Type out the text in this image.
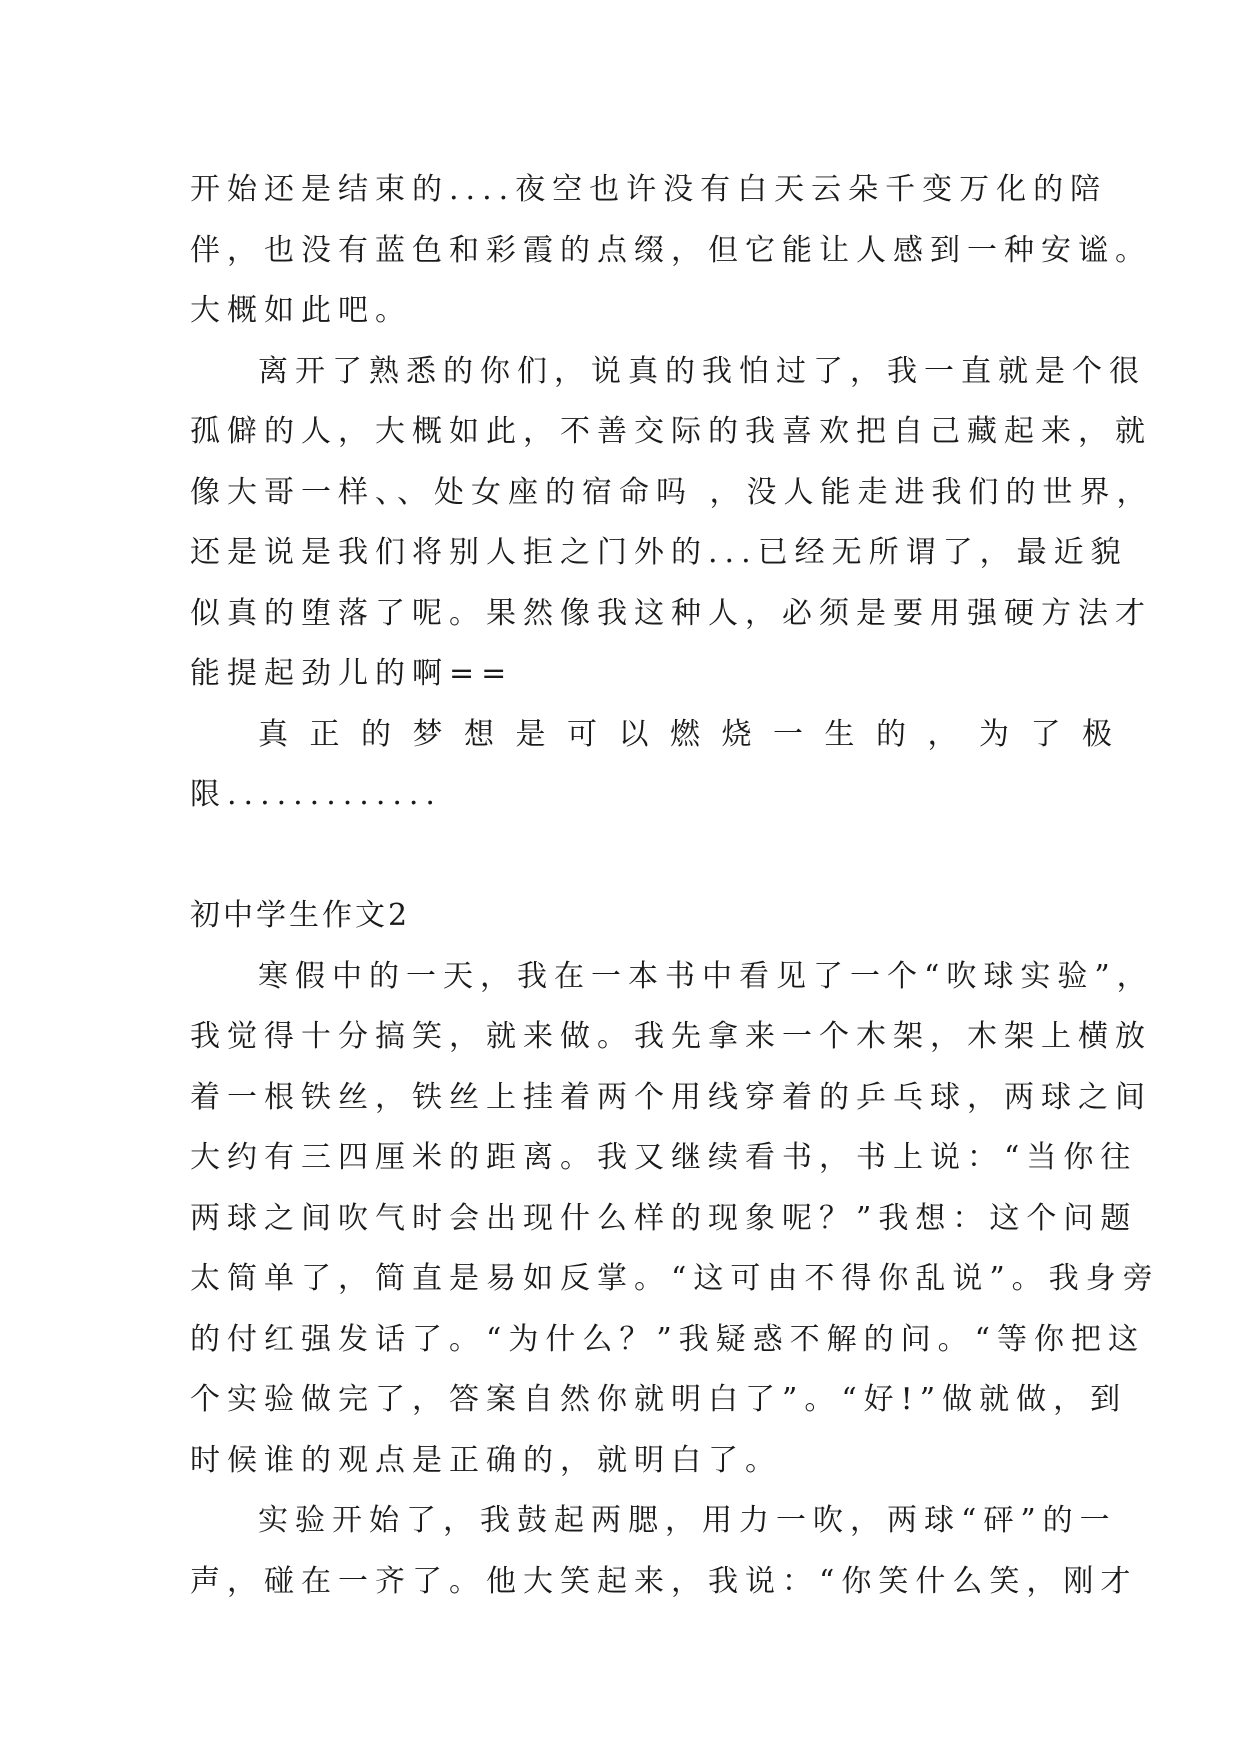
开始还是结束的....夜空也许没有白天云朵千变万化的陪
伴，也没有蓝色和彩霞的点缀，但它能让人感到一种安谧。
大概如此吧。
离开了熟悉的你们，说真的我怕过了，我一直就是个很
孤僻的人，大概如此，不善交际的我喜欢把自己藏起来，就
像大哥一样、、处女座的宿命吗 ，没人能走进我们的世界，
还是说是我们将别人拒之门外的...已经无所谓了，最近貌
似真的堕落了呢。果然像我这种人，必须是要用强硬方法才
能提起劲儿的啊==
真正的梦想是可以燃烧一生的，为了极
限.............
初中学生作文2
寒假中的一天，我在一本书中看见了一个“吹球实验”，
我觉得十分搞笑，就来做。我先拿来一个木架，木架上横放
着一根铁丝，铁丝上挂着两个用线穿着的乒乓球，两球之间
大约有三四厘米的距离。我又继续看书，书上说：“当你往
两球之间吹气时会出现什么样的现象呢？”我想：这个问题
太简单了，简直是易如反掌。“这可由不得你乱说”。我身旁
的付红强发话了。“为什么？”我疑惑不解的问。“等你把这
个实验做完了，答案自然你就明白了”。“好!”做就做，到
时候谁的观点是正确的，就明白了。
实验开始了，我鼓起两腮，用力一吹，两球“砰”的一
声，碰在一齐了。他大笑起来，我说：“你笑什么笑，刚才
